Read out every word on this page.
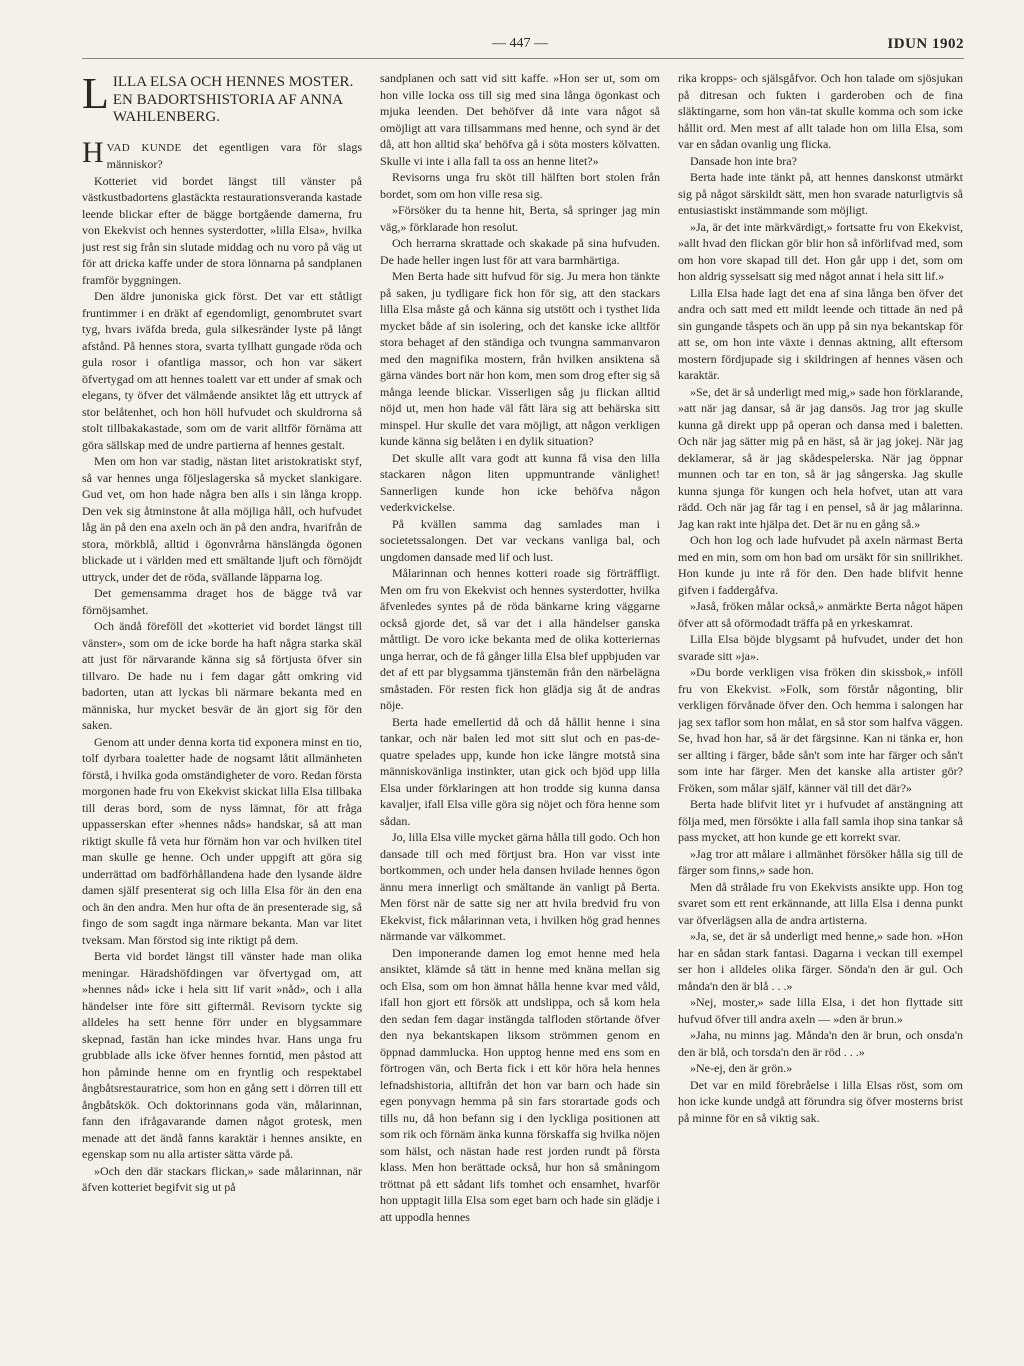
— 447 —	IDUN 1902
LILLA ELSA OCH HENNES MOSTER. EN BADORTSHISTORIA AF ANNA WAHLENBERG.

HVAD KUNDE det egentligen vara för slags människor?

Kotteriet vid bordet längst till vänster på västkustbadortens glastäckta restaurationsveranda kastade leende blickar efter de bägge bortgående damerna, fru von Ekekvist och hennes systerdotter, »lilla Elsa», hvilka just rest sig från sin slutade middag och nu voro på väg ut för att dricka kaffe under de stora lönnarna på sandplanen framför byggningen.

Den äldre junoniska gick först. Det var ett ståtligt fruntimmer i en dräkt af egendomligt, genombrutet svart tyg, hvars iväfda breda, gula silkesränder lyste på långt afstånd. På hennes stora, svarta tyllhatt gungade röda och gula rosor i ofantliga massor, och hon var säkert öfvertygad om att hennes toalett var ett under af smak och elegans, ty öfver det välmående ansiktet låg ett uttryck af stor belåtenhet, och hon höll hufvudet och skuldrorna så stolt tillbakakastade, som om de varit alltför förnäma att göra sällskap med de undre partierna af hennes gestalt.

Men om hon var stadig, nästan litet aristokratiskt styf, så var hennes unga följeslagerska så mycket slankigare. Gud vet, om hon hade några ben alls i sin långa kropp. Den vek sig åtminstone åt alla möjliga håll, och hufvudet låg än på den ena axeln och än på den andra, hvarifrån de stora, mörkblå, alltid i ögonvrårna hänslängda ögonen blickade ut i världen med ett smältande ljuft och förnöjdt uttryck, under det de röda, svällande läpparna log.

Det gemensamma draget hos de bägge två var förnöjsamhet.

Och ändå föreföll det »kotteriet vid bordet längst till vänster», som om de icke borde ha haft några starka skäl att just för närvarande känna sig så förtjusta öfver sin tillvaro. De hade nu i fem dagar gått omkring vid badorten, utan att lyckas bli närmare bekanta med en människa, hur mycket besvär de än gjort sig för den saken.

Genom att under denna korta tid exponera minst en tio, tolf dyrbara toaletter hade de nogsamt låtit allmänheten förstå, i hvilka goda omständigheter de voro. Redan första morgonen hade fru von Ekekvist skickat lilla Elsa tillbaka till deras bord, som de nyss lämnat, för att fråga uppasserskan efter »hennes nåds» handskar, så att man riktigt skulle få veta hur förnäm hon var och hvilken titel man skulle ge henne. Och under uppgift att göra sig underrättad om badförhållandena hade den lysande äldre damen själf presenterat sig och lilla Elsa för än den ena och än den andra. Men hur ofta de än presenterade sig, så fingo de som sagdt inga närmare bekanta. Man var litet tveksam. Man förstod sig inte riktigt på dem.

Berta vid bordet längst till vänster hade man olika meningar. Häradshöfdingen var öfvertygad om, att »hennes nåd» icke i hela sitt lif varit »nåd», och i alla händelser inte före sitt giftermål. Revisorn tyckte sig alldeles ha sett henne förr under en blygsammare skepnad, fastän han icke mindes hvar. Hans unga fru grubblade alls icke öfver hennes forntid, men påstod att hon påminde henne om en fryntlig och respektabel ångbåtsrestauratrice, som hon en gång sett i dörren till ett ångbåtskök. Och doktorinnans goda vän, målarinnan, fann den ifrågavarande damen något grotesk, men menade att det ändå fanns karaktär i hennes ansikte, en egenskap som nu alla artister sätta värde på.

»Och den där stackars flickan,» sade målarinnan, när äfven kotteriet begifvit sig ut på

sandplanen och satt vid sitt kaffe. »Hon ser ut, som om hon ville locka oss till sig med sina långa ögonkast och mjuka leenden. Det behöfver då inte vara något så omöjligt att vara tillsammans med henne, och synd är det då, att hon alltid ska' behöfva gå i söta mosters kölvatten. Skulle vi inte i alla fall ta oss an henne litet?»

Revisorns unga fru sköt till hälften bort stolen från bordet, som om hon ville resa sig.

»Försöker du ta henne hit, Berta, så springer jag min väg,» förklarade hon resolut.

Och herrarna skrattade och skakade på sina hufvuden. De hade heller ingen lust för att vara barmhärtiga.

Men Berta hade sitt hufvud för sig. Ju mera hon tänkte på saken, ju tydligare fick hon för sig, att den stackars lilla Elsa måste gå och känna sig utstött och i tysthet lida mycket både af sin isolering, och det kanske icke alltför stora behaget af den ständiga och tvungna sammanvaron med den magnifika mostern, från hvilken ansiktena så gärna vändes bort när hon kom, men som drog efter sig så många leende blickar. Visserligen såg ju flickan alltid nöjd ut, men hon hade väl fått lära sig att behärska sitt minspel. Hur skulle det vara möjligt, att någon verkligen kunde känna sig belåten i en dylik situation?

Det skulle allt vara godt att kunna få visa den lilla stackaren någon liten uppmuntrande vänlighet! Sannerligen kunde hon icke behöfva någon vederkvickelse.

På kvällen samma dag samlades man i societetssalongen. Det var veckans vanliga bal, och ungdomen dansade med lif och lust.

Målarinnan och hennes kotteri roade sig förträffligt. Men om fru von Ekekvist och hennes systerdotter, hvilka äfvenledes syntes på de röda bänkarne kring väggarne också gjorde det, så var det i alla händelser ganska måttligt. De voro icke bekanta med de olika kotteriernas unga herrar, och de få gånger lilla Elsa blef uppbjuden var det af ett par blygsamma tjänstemän från den närbelägna småstaden. För resten fick hon glädja sig åt de andras nöje.

Berta hade emellertid då och då hållit henne i sina tankar, och när balen led mot sitt slut och en pas-de-quatre spelades upp, kunde hon icke längre motstå sina människovänliga instinkter, utan gick och bjöd upp lilla Elsa under förklaringen att hon trodde sig kunna dansa kavaljer, ifall Elsa ville göra sig nöjet och föra henne som sådan.

Jo, lilla Elsa ville mycket gärna hålla till godo. Och hon dansade till och med förtjust bra. Hon var visst inte bortkommen, och under hela dansen hvilade hennes ögon ännu mera innerligt och smältande än vanligt på Berta. Men först när de satte sig ner att hvila bredvid fru von Ekekvist, fick målarinnan veta, i hvilken hög grad hennes närmande var välkommet.

Den imponerande damen log emot henne med hela ansiktet, klämde så tätt in henne med knäna mellan sig och Elsa, som om hon ämnat hålla henne kvar med våld, ifall hon gjort ett försök att undslippa, och så kom hela den sedan fem dagar instängda talfloden störtande öfver den nya bekantskapen liksom strömmen genom en öppnad dammlucka. Hon upptog henne med ens som en förtrogen vän, och Berta fick i ett kör höra hela hennes lefnadshistoria, alltifrån det hon var barn och hade sin egen ponyvagn hemma på sin fars storartade gods och tills nu, då hon befann sig i den lyckliga positionen att som rik och förnäm änka kunna förskaffa sig hvilka nöjen som hälst, och nästan hade rest jorden rundt på första klass. Men hon berättade också, hur hon så småningom tröttnat på ett sådant lifs tomhet och ensamhet, hvarför hon upptagit lilla Elsa som eget barn och hade sin glädje i att uppodla hennes

rika kropps- och själsgåfvor. Och hon talade om sjösjukan på ditresan och fukten i garderoben och de fina släktingarne, som hon vän-tat skulle komma och som icke hållit ord. Men mest af allt talade hon om lilla Elsa, som var en sådan ovanlig ung flicka.

Dansade hon inte bra?

Berta hade inte tänkt på, att hennes danskonst utmärkt sig på något särskildt sätt, men hon svarade naturligtvis så entusiastiskt instämmande som möjligt.

»Ja, är det inte märkvärdigt,» fortsatte fru von Ekekvist, »allt hvad den flickan gör blir hon så införlifvad med, som om hon vore skapad till det. Hon går upp i det, som om hon aldrig sysselsatt sig med något annat i hela sitt lif.»

Lilla Elsa hade lagt det ena af sina långa ben öfver det andra och satt med ett mildt leende och tittade än ned på sin gungande tåspets och än upp på sin nya bekantskap för att se, om hon inte växte i dennas aktning, allt eftersom mostern fördjupade sig i skildringen af hennes väsen och karaktär.

»Se, det är så underligt med mig,» sade hon förklarande, »att när jag dansar, så är jag dansös. Jag tror jag skulle kunna gå direkt upp på operan och dansa med i baletten. Och när jag sätter mig på en häst, så är jag jokej. När jag deklamerar, så är jag skådespelerska. När jag öppnar munnen och tar en ton, så är jag sångerska. Jag skulle kunna sjunga för kungen och hela hofvet, utan att vara rädd. Och när jag får tag i en pensel, så är jag målarinna. Jag kan rakt inte hjälpa det. Det är nu en gång så.»

Och hon log och lade hufvudet på axeln närmast Berta med en min, som om hon bad om ursäkt för sin snillrikhet. Hon kunde ju inte rå för den. Den hade blifvit henne gifven i faddergåfva.

»Jaså, fröken målar också,» anmärkte Berta något häpen öfver att så oförmodadt träffa på en yrkeskamrat.

Lilla Elsa böjde blygsamt på hufvudet, under det hon svarade sitt »ja».

»Du borde verkligen visa fröken din skissbok,» inföll fru von Ekekvist. »Folk, som förstår någonting, blir verkligen förvånade öfver den. Och hemma i salongen har jag sex taflor som hon målat, en så stor som halfva väggen. Se, hvad hon har, så är det färgsinne. Kan ni tänka er, hon ser allting i färger, både sån't som inte har färger och sån't som inte har färger. Men det kanske alla artister gör? Fröken, som målar själf, känner väl till det där?»

Berta hade blifvit litet yr i hufvudet af anstängning att följa med, men försökte i alla fall samla ihop sina tankar så pass mycket, att hon kunde ge ett korrekt svar.

»Jag tror att målare i allmänhet försöker hålla sig till de färger som finns,» sade hon.

Men då strålade fru von Ekekvists ansikte upp. Hon tog svaret som ett rent erkännande, att lilla Elsa i denna punkt var öfverlägsen alla de andra artisterna.

»Ja, se, det är så underligt med henne,» sade hon. »Hon har en sådan stark fantasi. Dagarna i veckan till exempel ser hon i alldeles olika färger. Sönda'n den är gul. Och månda'n den är blå . . .»

»Nej, moster,» sade lilla Elsa, i det hon flyttade sitt hufvud öfver till andra axeln — »den är brun.»

»Jaha, nu minns jag. Månda'n den är brun, och onsda'n den är blå, och torsda'n den är röd . . .»

»Ne-ej, den är grön.»

Det var en mild förebråelse i lilla Elsas röst, som om hon icke kunde undgå att förundra sig öfver mosterns brist på minne för en så viktig sak.
